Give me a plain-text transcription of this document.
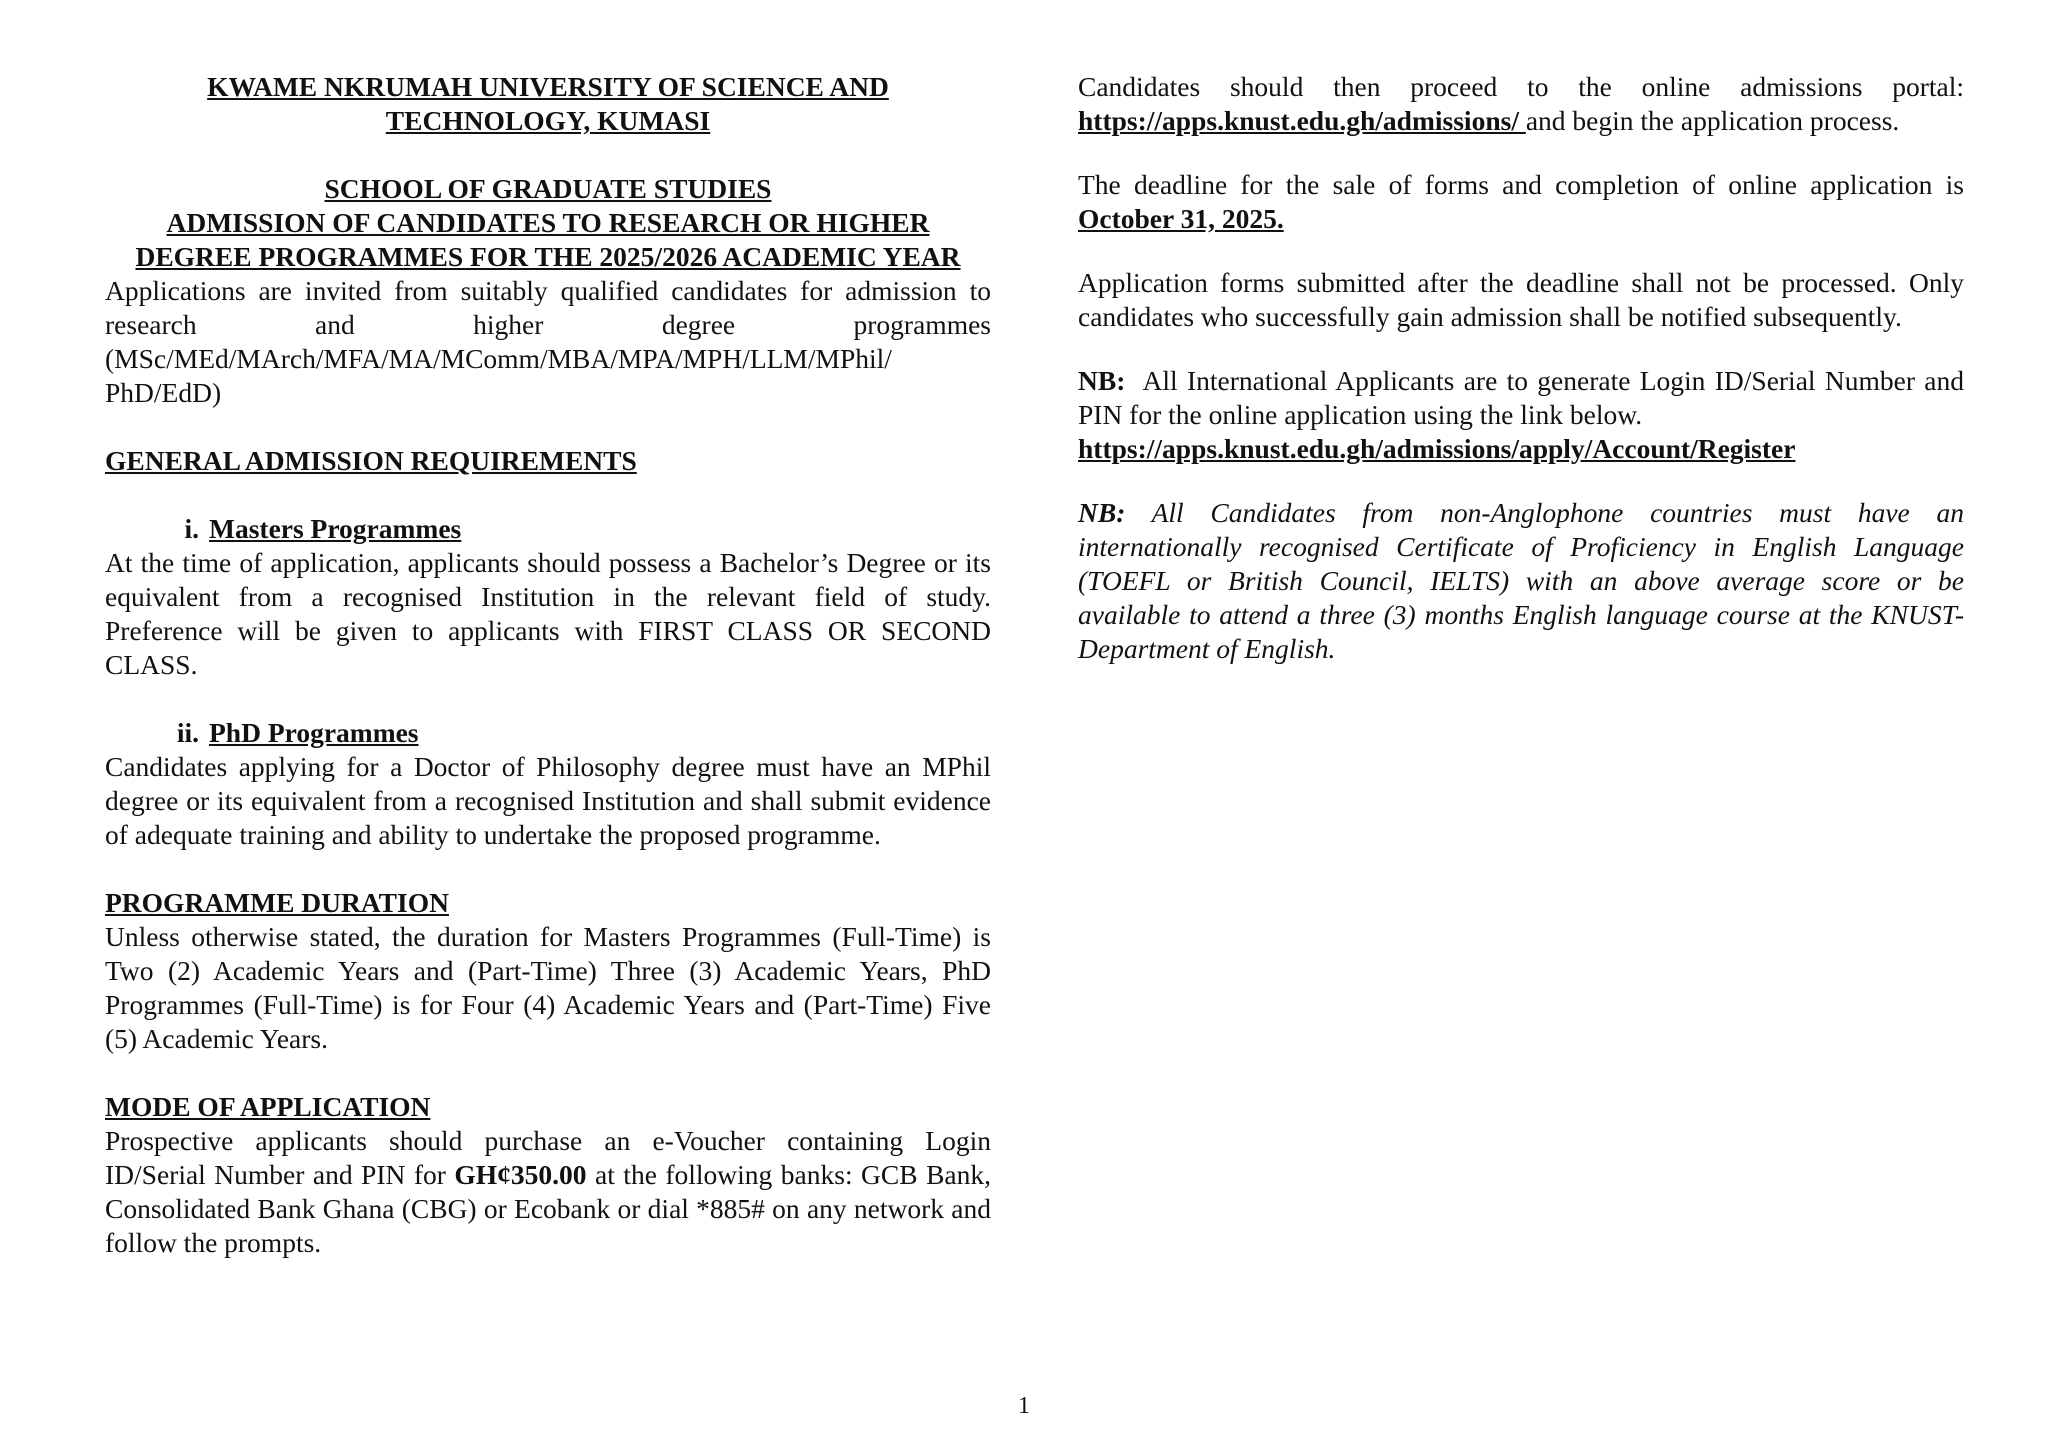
KWAME NKRUMAH UNIVERSITY OF SCIENCE AND
TECHNOLOGY, KUMASI

SCHOOL OF GRADUATE STUDIES
ADMISSION OF CANDIDATES TO RESEARCH OR HIGHER
DEGREE PROGRAMMES FOR THE 2025/2026 ACADEMIC YEAR

Applications are invited from suitably qualified candidates for admission to research and higher degree programmes (MSc/MEd/MArch/MFA/MA/MComm/MBA/MPA/MPH/LLM/MPhil/ PhD/EdD)

GENERAL ADMISSION REQUIREMENTS

i. Masters Programmes

At the time of application, applicants should possess a Bachelor’s Degree or its equivalent from a recognised Institution in the relevant field of study. Preference will be given to applicants with FIRST CLASS OR SECOND CLASS.

ii. PhD Programmes

Candidates applying for a Doctor of Philosophy degree must have an MPhil degree or its equivalent from a recognised Institution and shall submit evidence of adequate training and ability to undertake the proposed programme.

PROGRAMME DURATION

Unless otherwise stated, the duration for Masters Programmes (Full-Time) is Two (2) Academic Years and (Part-Time) Three (3) Academic Years, PhD Programmes (Full-Time) is for Four (4) Academic Years and (Part-Time) Five (5) Academic Years.

MODE OF APPLICATION

Prospective applicants should purchase an e-Voucher containing Login ID/Serial Number and PIN for GH¢350.00 at the following banks: GCB Bank, Consolidated Bank Ghana (CBG) or Ecobank or dial *885# on any network and follow the prompts.

Candidates should then proceed to the online admissions portal: https://apps.knust.edu.gh/admissions/ and begin the application process.

The deadline for the sale of forms and completion of online application is October 31, 2025.

Application forms submitted after the deadline shall not be processed. Only candidates who successfully gain admission shall be notified subsequently.

NB:  All International Applicants are to generate Login ID/Serial Number and PIN for the online application using the link below.

https://apps.knust.edu.gh/admissions/apply/Account/Register

NB: All Candidates from non-Anglophone countries must have an internationally recognised Certificate of Proficiency in English Language (TOEFL or British Council, IELTS) with an above average score or be available to attend a three (3) months English language course at the KNUST-Department of English.

1
